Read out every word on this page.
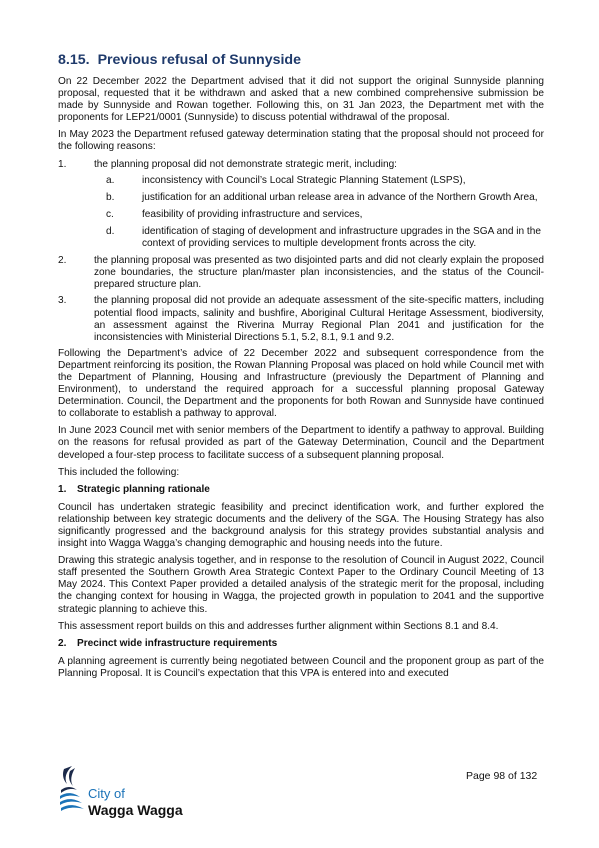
8.15. Previous refusal of Sunnyside

On 22 December 2022 the Department advised that it did not support the original Sunnyside planning proposal, requested that it be withdrawn and asked that a new combined comprehensive submission be made by Sunnyside and Rowan together. Following this, on 31 Jan 2023, the Department met with the proponents for LEP21/0001 (Sunnyside) to discuss potential withdrawal of the proposal.

In May 2023 the Department refused gateway determination stating that the proposal should not proceed for the following reasons:

1.	the planning proposal did not demonstrate strategic merit, including:
a.	inconsistency with Council’s Local Strategic Planning Statement (LSPS),
b.	justification for an additional urban release area in advance of the Northern Growth Area,
c.	feasibility of providing infrastructure and services,
d.	identification of staging of development and infrastructure upgrades in the SGA and in the context of providing services to multiple development fronts across the city.
2.	the planning proposal was presented as two disjointed parts and did not clearly explain the proposed zone boundaries, the structure plan/master plan inconsistencies, and the status of the Council-prepared structure plan.
3.	the planning proposal did not provide an adequate assessment of the site-specific matters, including potential flood impacts, salinity and bushfire, Aboriginal Cultural Heritage Assessment, biodiversity, an assessment against the Riverina Murray Regional Plan 2041 and justification for the inconsistencies with Ministerial Directions 5.1, 5.2, 8.1, 9.1 and 9.2.

Following the Department’s advice of 22 December 2022 and subsequent correspondence from the Department reinforcing its position, the Rowan Planning Proposal was placed on hold while Council met with the Department of Planning, Housing and Infrastructure (previously the Department of Planning and Environment), to understand the required approach for a successful planning proposal Gateway Determination. Council, the Department and the proponents for both Rowan and Sunnyside have continued to collaborate to establish a pathway to approval.

In June 2023 Council met with senior members of the Department to identify a pathway to approval. Building on the reasons for refusal provided as part of the Gateway Determination, Council and the Department developed a four-step process to facilitate success of a subsequent planning proposal.

This included the following:

1. Strategic planning rationale

Council has undertaken strategic feasibility and precinct identification work, and further explored the relationship between key strategic documents and the delivery of the SGA. The Housing Strategy has also significantly progressed and the background analysis for this strategy provides substantial analysis and insight into Wagga Wagga’s changing demographic and housing needs into the future.

Drawing this strategic analysis together, and in response to the resolution of Council in August 2022, Council staff presented the Southern Growth Area Strategic Context Paper to the Ordinary Council Meeting of 13 May 2024. This Context Paper provided a detailed analysis of the strategic merit for the proposal, including the changing context for housing in Wagga, the projected growth in population to 2041 and the supportive strategic planning to achieve this.

This assessment report builds on this and addresses further alignment within Sections 8.1 and 8.4.

2. Precinct wide infrastructure requirements

A planning agreement is currently being negotiated between Council and the proponent group as part of the Planning Proposal. It is Council’s expectation that this VPA is entered into and executed

City of
Wagga Wagga
Page 98 of 132
